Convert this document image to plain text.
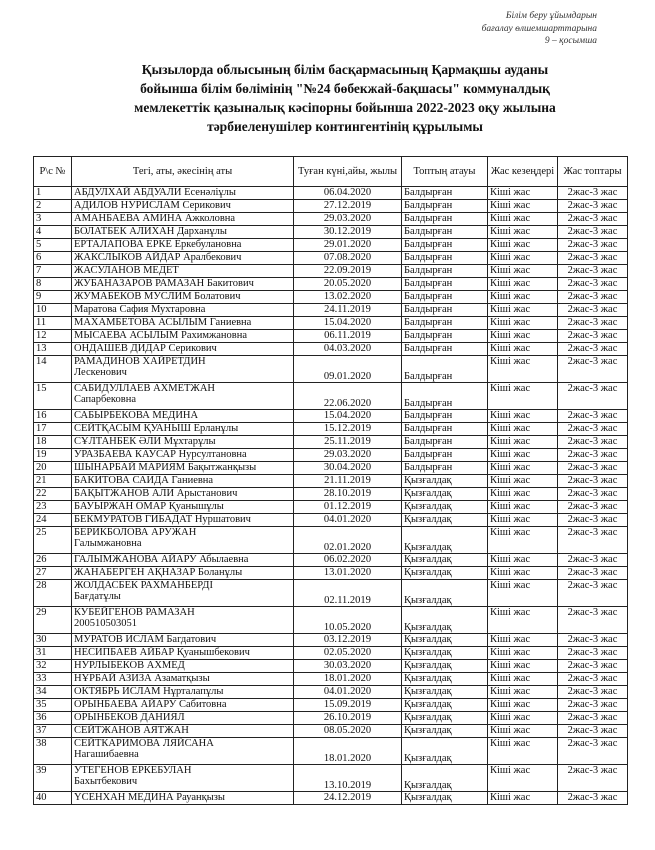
Білім беру ұйымдарын
бағалау өлшемшарттарына
9 – қосымша
Қызылорда облысының білім басқармасының Қармақшы ауданы
бойынша білім бөлімінің "№24 бөбекжай-бақшасы" коммуналдық
мемлекеттік қазыналық кәсіпорны бойынша 2022-2023 оқу жылына
тәрбиеленушілер контингентінің құрылымы
Р\с №	Тегі, аты, әкесінің аты	Туған күні,айы, жылы	Топтың атауы	Жас кезеңдері	Жас топтары
1	АБДУЛХАЙ АБДУАЛИ Есенәліұлы	06.04.2020	Балдырған	Кіші жас	2жас-3 жас
2	АДИЛОВ НУРИСЛАМ Серикович	27.12.2019	Балдырған	Кіші жас	2жас-3 жас
3	АМАНБАЕВА АМИНА Ажколовна	29.03.2020	Балдырған	Кіші жас	2жас-3 жас
4	БОЛАТБЕК АЛИХАН Дарханұлы	30.12.2019	Балдырған	Кіші жас	2жас-3 жас
5	ЕРТАЛАПОВА ЕРКЕ Еркебулановна	29.01.2020	Балдырған	Кіші жас	2жас-3 жас
6	ЖАКСЛЫКОВ АЙДАР Аралбекович	07.08.2020	Балдырған	Кіші жас	2жас-3 жас
7	ЖАСУЛАНОВ МЕДЕТ	22.09.2019	Балдырған	Кіші жас	2жас-3 жас
8	ЖУБАНАЗАРОВ РАМАЗАН Бакитович	20.05.2020	Балдырған	Кіші жас	2жас-3 жас
9	ЖУМАБЕКОВ МУСЛИМ Болатович	13.02.2020	Балдырған	Кіші жас	2жас-3 жас
10	Маратова Сафия Мухтаровна	24.11.2019	Балдырған	Кіші жас	2жас-3 жас
11	МАХАМБЕТОВА АСЫЛЫМ Ганиевна	15.04.2020	Балдырған	Кіші жас	2жас-3 жас
12	МЫСАЕВА АСЫЛЫМ Рахимжановна	06.11.2019	Балдырған	Кіші жас	2жас-3 жас
13	ОНДАШЕВ ДИДАР Серикович	04.03.2020	Балдырған	Кіші жас	2жас-3 жас
14	РАМАДИНОВ ХАЙРЕТДИН
Лескенович	09.01.2020	Балдырған	Кіші жас	2жас-3 жас
15	САБИДУЛЛАЕВ АХМЕТЖАН
Сапарбековна	22.06.2020	Балдырған	Кіші жас	2жас-3 жас
16	САБЫРБЕКОВА МЕДИНА	15.04.2020	Балдырған	Кіші жас	2жас-3 жас
17	СЕЙТҚАСЫМ ҚУАНЫШ Ерланұлы	15.12.2019	Балдырған	Кіші жас	2жас-3 жас
18	СҰЛТАНБЕК ӘЛИ Мұхтарұлы	25.11.2019	Балдырған	Кіші жас	2жас-3 жас
19	УРАЗБАЕВА КАУСАР Нурсултановна	29.03.2020	Балдырған	Кіші жас	2жас-3 жас
20	ШЫНАРБАЙ МАРИЯМ Бақытжанқызы	30.04.2020	Балдырған	Кіші жас	2жас-3 жас
21	БАКИТОВА САИДА Ганиевна	21.11.2019	Қызғалдақ	Кіші жас	2жас-3 жас
22	БАҚЫТЖАНОВ АЛИ Арыстанович	28.10.2019	Қызғалдақ	Кіші жас	2жас-3 жас
23	БАУЫРЖАН ОМАР Қуанышұлы	01.12.2019	Қызғалдақ	Кіші жас	2жас-3 жас
24	БЕКМУРАТОВ ГИБАДАТ Нуршатович	04.01.2020	Қызғалдақ	Кіші жас	2жас-3 жас
25	БЕРИКБОЛОВА АРУЖАН
Галымжановна	02.01.2020	Қызғалдақ	Кіші жас	2жас-3 жас
26	ГАЛЫМЖАНОВА АЙАРУ Абылаевна	06.02.2020	Қызғалдақ	Кіші жас	2жас-3 жас
27	ЖАНАБЕРГЕН АҚНАЗАР Боланұлы	13.01.2020	Қызғалдақ	Кіші жас	2жас-3 жас
28	ЖОЛДАСБЕК РАХМАНБЕРДІ
Бағдатұлы	02.11.2019	Қызғалдақ	Кіші жас	2жас-3 жас
29	КУБЕЙГЕНОВ РАМАЗАН
200510503051	10.05.2020	Қызғалдақ	Кіші жас	2жас-3 жас
30	МУРАТОВ ИСЛАМ Багдатович	03.12.2019	Қызғалдақ	Кіші жас	2жас-3 жас
31	НЕСИПБАЕВ АЙБАР Қуанышбекович	02.05.2020	Қызғалдақ	Кіші жас	2жас-3 жас
32	НУРЛЫБЕКОВ АХМЕД	30.03.2020	Қызғалдақ	Кіші жас	2жас-3 жас
33	НҰРБАЙ АЗИЗА Азаматқызы	18.01.2020	Қызғалдақ	Кіші жас	2жас-3 жас
34	ОКТЯБРЬ ИСЛАМ Нұрталапұлы	04.01.2020	Қызғалдақ	Кіші жас	2жас-3 жас
35	ОРЫНБАЕВА АЙАРУ Сабитовна	15.09.2019	Қызғалдақ	Кіші жас	2жас-3 жас
36	ОРЫНБЕКОВ ДАНИЯЛ	26.10.2019	Қызғалдақ	Кіші жас	2жас-3 жас
37	СЕЙТЖАНОВ АЯТЖАН	08.05.2020	Қызғалдақ	Кіші жас	2жас-3 жас
38	СЕЙТКАРИМОВА ЛЯЙСАНА
Нагашибаевна	18.01.2020	Қызғалдақ	Кіші жас	2жас-3 жас
39	УТЕГЕНОВ ЕРКЕБУЛАН
Бахытбекович	13.10.2019	Қызғалдақ	Кіші жас	2жас-3 жас
40	ҮСЕНХАН МЕДИНА Рауанқызы	24.12.2019	Қызғалдақ	Кіші жас	2жас-3 жас
